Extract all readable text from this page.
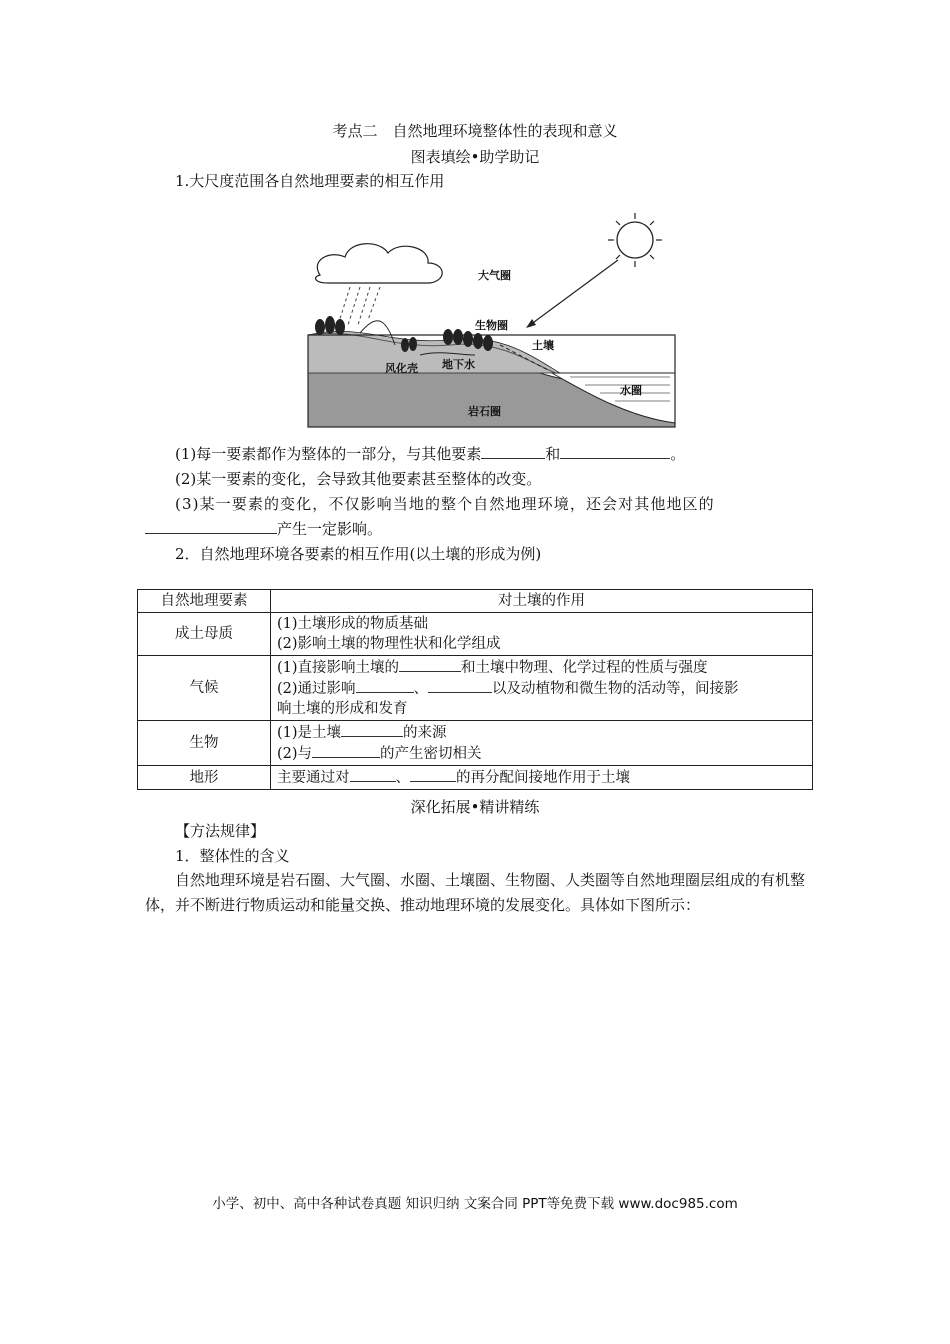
考点二　自然地理环境整体性的表现和意义
图表填绘•助学助记
1.大尺度范围各自然地理要素的相互作用
大气圈
生物圈
土壤
风化壳 地下水
水圈
岩石圈
(1)每一要素都作为整体的一部分，与其他要素	和	。
(2)某一要素的变化，会导致其他要素甚至整体的改变。
(3)某一要素的变化，不仅影响当地的整个自然地理环境，还会对其他地区的
产生一定影响。
2．自然地理环境各要素的相互作用(以土壤的形成为例)
自然地理要素	对土壤的作用
成土母质	(1)土壤形成的物质基础
(2)影响土壤的物理性状和化学组成

气候	(1)直接影响土壤的 和土壤中物理、化学过程的性质与强度
(2)通过影响 、 以及动植物和微生物的活动等，间接影
响土壤的形成和发育

生物	(1)是土壤 的来源
(2)与 的产生密切相关

地形	主要通过对 、 的再分配间接地作用于土壤
深化拓展•精讲精练
【方法规律】
1．整体性的含义
自然地理环境是岩石圈、大气圈、水圈、土壤圈、生物圈、人类圈等自然地理圈层组成的有机整体，并不断进行物质运动和能量交换、推动地理环境的发展变化。具体如下图所示：
小学、初中、高中各种试卷真题 知识归纳 文案合同 PPT等免费下载 www.doc985.com
